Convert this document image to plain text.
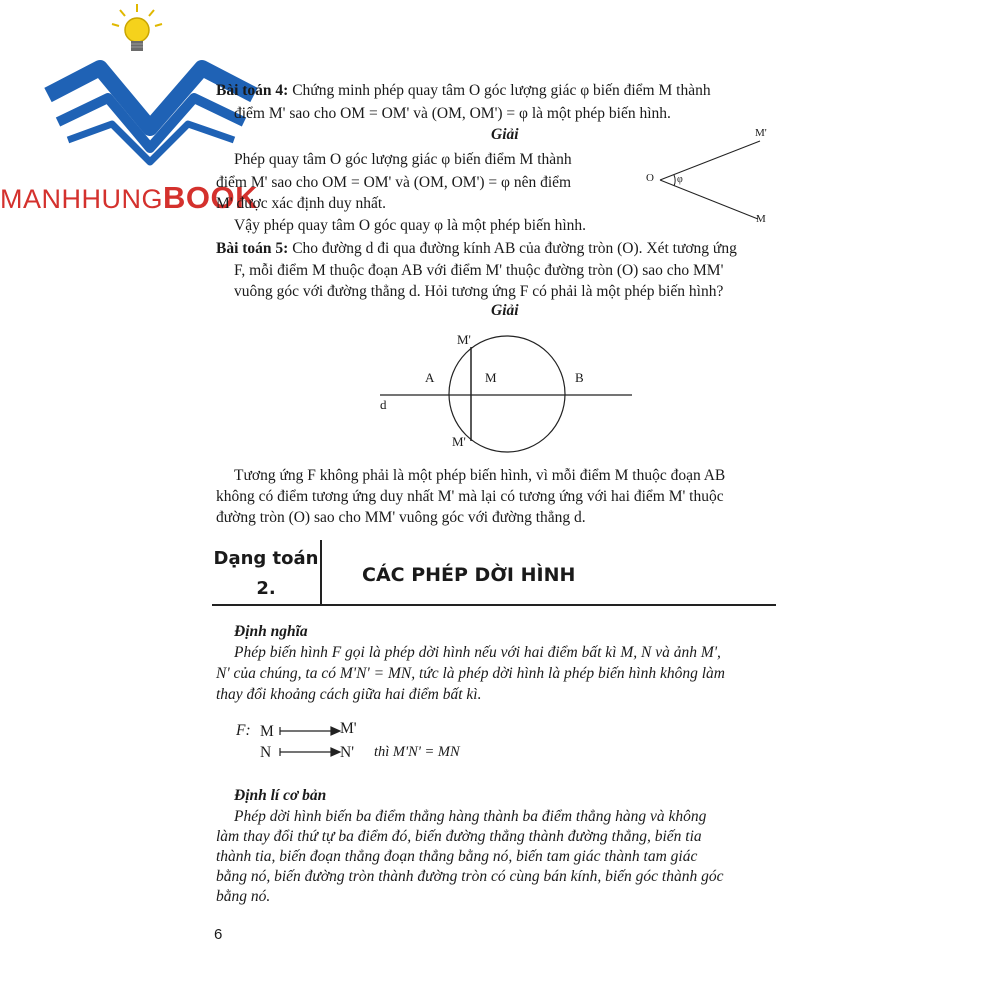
MANHHUNGBOOK
Bài toán 4: Chứng minh phép quay tâm O góc lượng giác φ biến điểm M thành
điểm M' sao cho OM = OM' và (OM, OM') = φ là một phép biến hình.
Giải
Phép quay tâm O góc lượng giác φ biến điểm M thành
điểm M' sao cho OM = OM' và (OM, OM') = φ nên điểm
M' được xác định duy nhất.
Vậy phép quay tâm O góc quay φ là một phép biến hình.
O φ
M'
M
Bài toán 5: Cho đường d đi qua đường kính AB của đường tròn (O). Xét tương ứng
F, mỗi điểm M thuộc đoạn AB với điểm M' thuộc đường tròn (O) sao cho MM'
vuông góc với đường thẳng d. Hỏi tương ứng F có phải là một phép biến hình?
Giải
A	M	B
d
M'
M'
Tương ứng F không phải là một phép biến hình, vì mỗi điểm M thuộc đoạn AB
không có điểm tương ứng duy nhất M' mà lại có tương ứng với hai điểm M' thuộc
đường tròn (O) sao cho MM' vuông góc với đường thẳng d.
Dạng toán
2.
CÁC PHÉP DỜI HÌNH
Định nghĩa
Phép biến hình F gọi là phép dời hình nếu với hai điểm bất kì M, N và ảnh M',
N' của chúng, ta có M'N' = MN, tức là phép dời hình là phép biến hình không làm
thay đổi khoảng cách giữa hai điểm bất kì.
F: M	M'
N	N' thì M'N' = MN
Định lí cơ bản
Phép dời hình biến ba điểm thẳng hàng thành ba điểm thẳng hàng và không
làm thay đổi thứ tự ba điểm đó, biến đường thẳng thành đường thẳng, biến tia
thành tia, biến đoạn thẳng đoạn thẳng bằng nó, biến tam giác thành tam giác
bằng nó, biến đường tròn thành đường tròn có cùng bán kính, biến góc thành góc
bằng nó.
6
